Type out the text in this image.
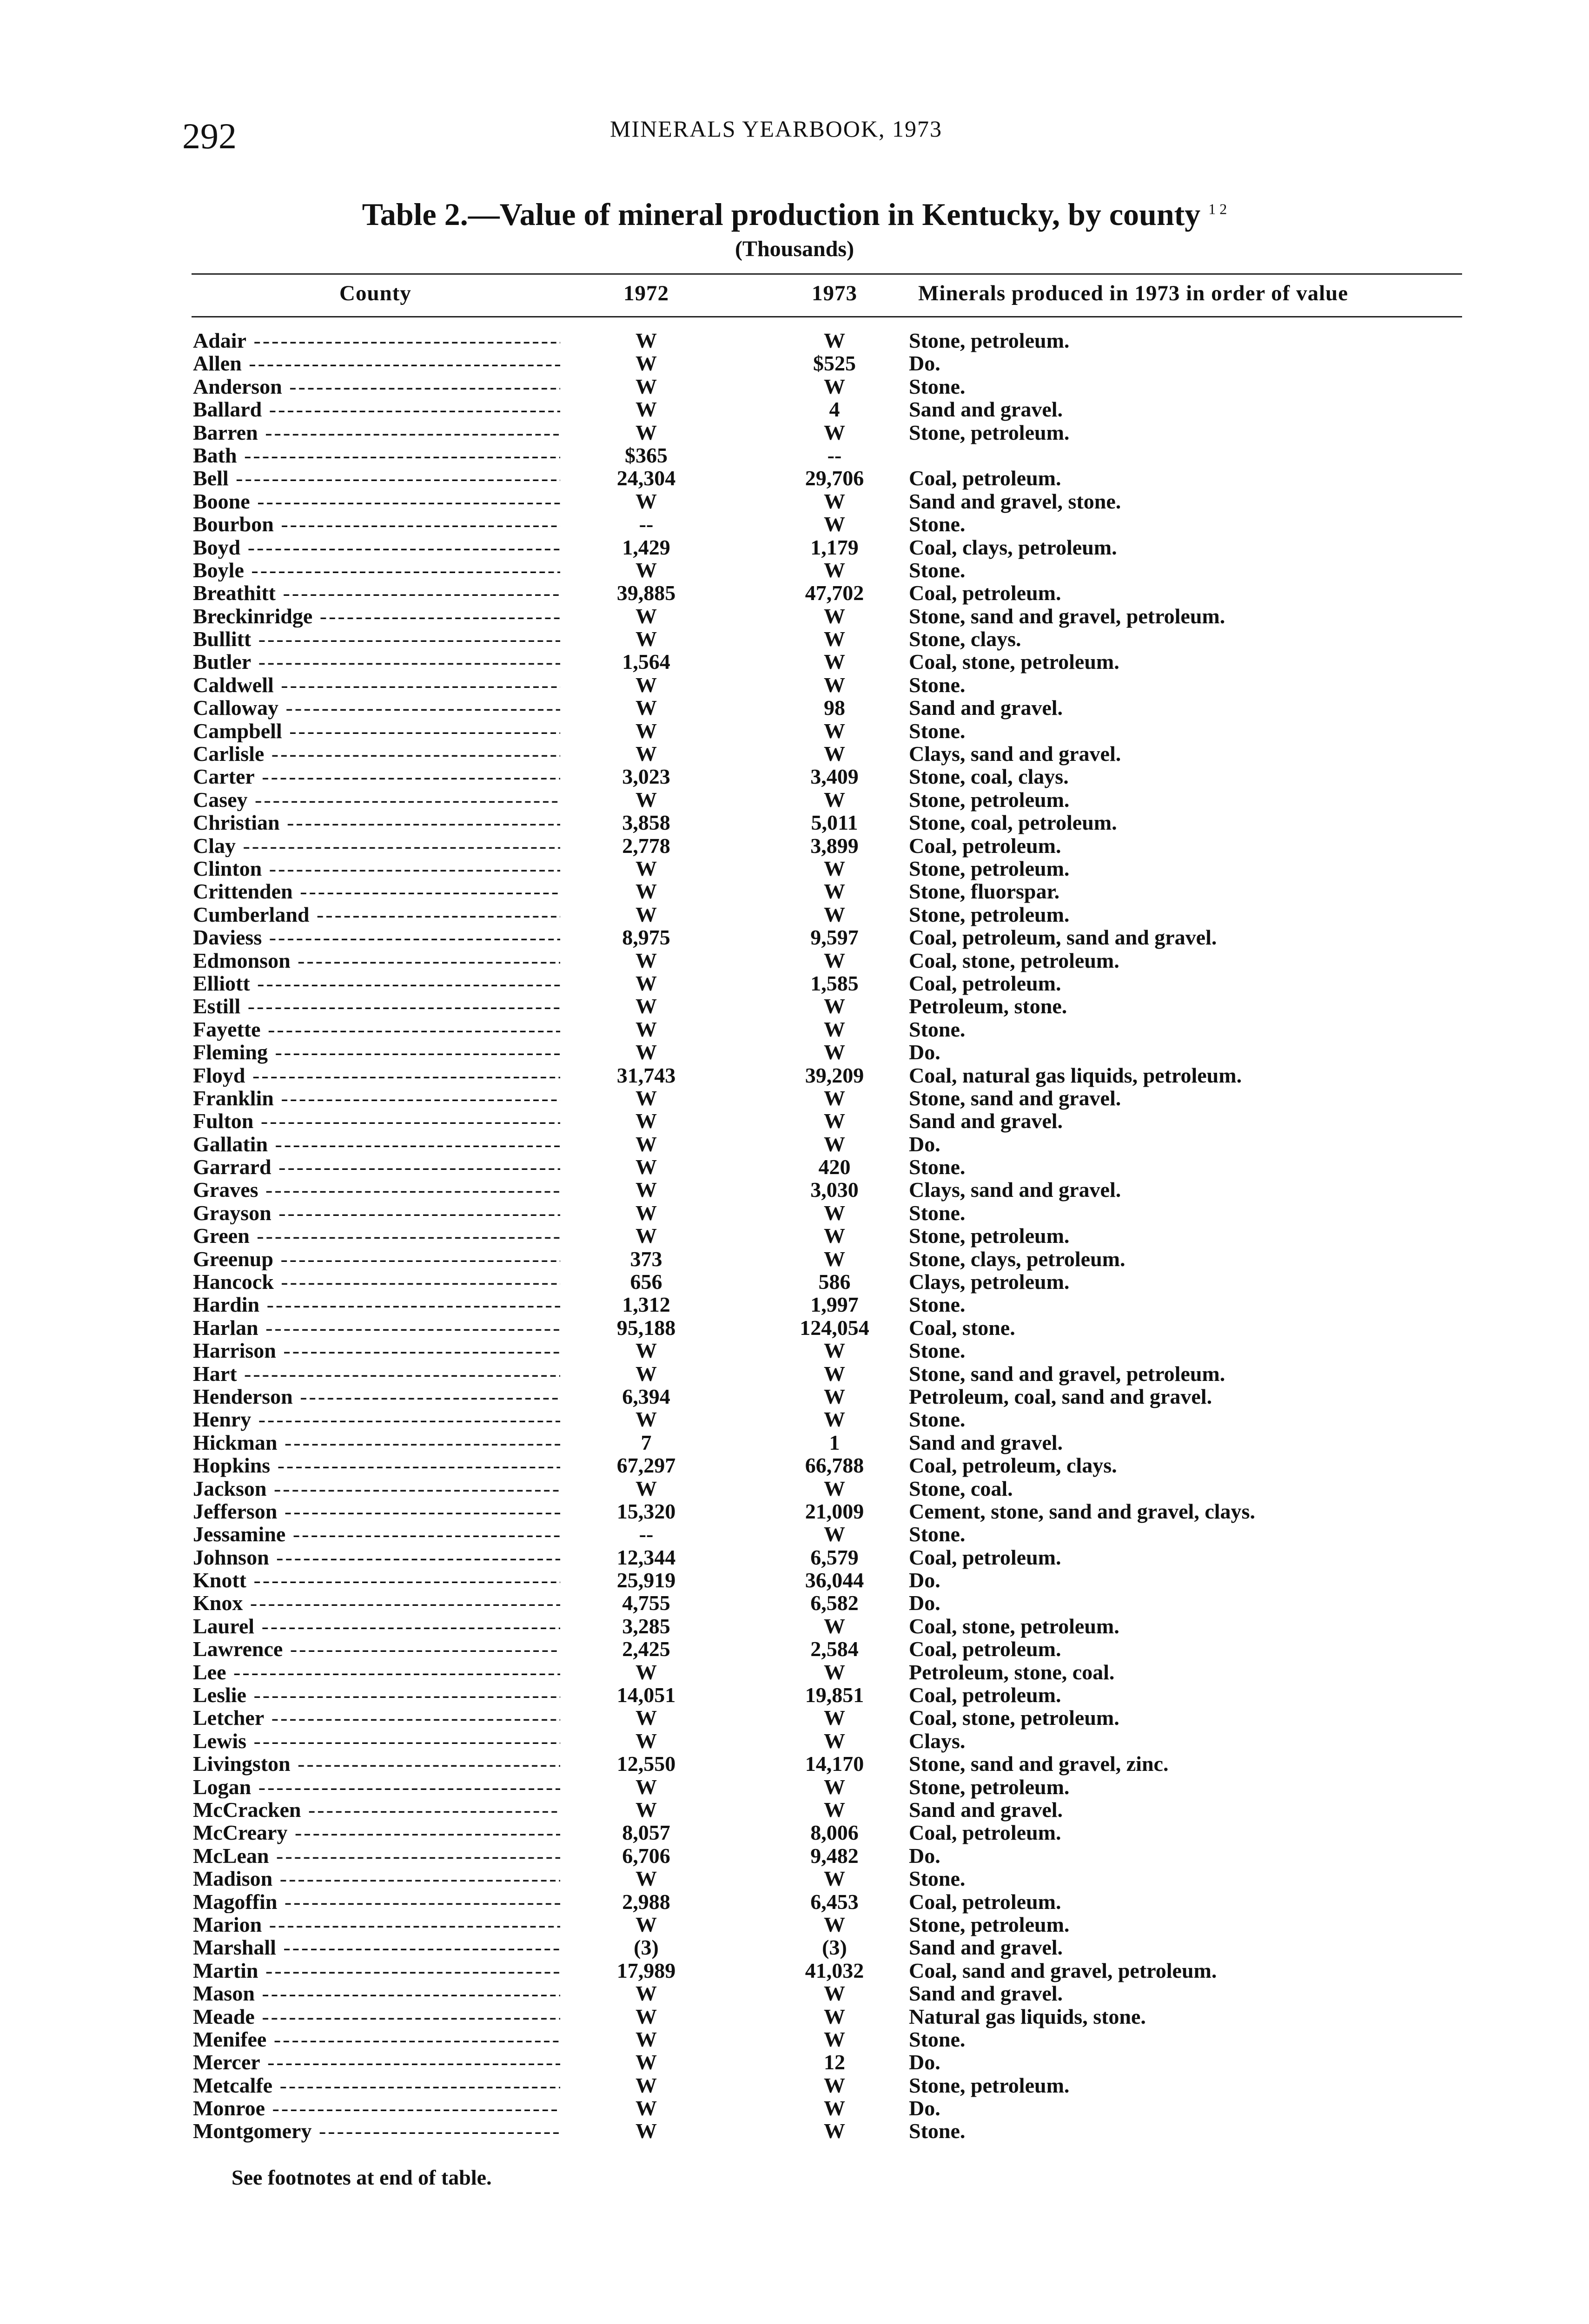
292	MINERALS YEARBOOK, 1973
Table 2.—Value of mineral production in Kentucky, by county $^{1 2}$
(Thousands)
County	1972	1973	Minerals produced in 1973 in order of value
Adair -----	W	W	Stone, petroleum.
Allen -----	W	$525	Do.
Anderson -----	W	W	Stone.
Ballard -----	W	4	Sand and gravel.
Barren -----	W	W	Stone, petroleum.
Bath -----	$365	--
Bell -----	24,304	29,706	Coal, petroleum.
Boone -----	W	W	Sand and gravel, stone.
Bourbon -----	--	W	Stone.
Boyd -----	1,429	1,179	Coal, clays, petroleum.
Boyle -----	W	W	Stone.
Breathitt -----	39,885	47,702	Coal, petroleum.
Breckinridge -----	W	W	Stone, sand and gravel, petroleum.
Bullitt -----	W	W	Stone, clays.
Butler -----	1,564	W	Coal, stone, petroleum.
Caldwell -----	W	W	Stone.
Calloway -----	W	98	Sand and gravel.
Campbell -----	W	W	Stone.
Carlisle -----	W	W	Clays, sand and gravel.
Carter -----	3,023	3,409	Stone, coal, clays.
Casey -----	W	W	Stone, petroleum.
Christian -----	3,858	5,011	Stone, coal, petroleum.
Clay -----	2,778	3,899	Coal, petroleum.
Clinton -----	W	W	Stone, petroleum.
Crittenden -----	W	W	Stone, fluorspar.
Cumberland -----	W	W	Stone, petroleum.
Daviess -----	8,975	9,597	Coal, petroleum, sand and gravel.
Edmonson -----	W	W	Coal, stone, petroleum.
Elliott -----	W	1,585	Coal, petroleum.
Estill -----	W	W	Petroleum, stone.
Fayette -----	W	W	Stone.
Fleming -----	W	W	Do.
Floyd -----	31,743	39,209	Coal, natural gas liquids, petroleum.
Franklin -----	W	W	Stone, sand and gravel.
Fulton -----	W	W	Sand and gravel.
Gallatin -----	W	W	Do.
Garrard -----	W	420	Stone.
Graves -----	W	3,030	Clays, sand and gravel.
Grayson -----	W	W	Stone.
Green -----	W	W	Stone, petroleum.
Greenup -----	373	W	Stone, clays, petroleum.
Hancock -----	656	586	Clays, petroleum.
Hardin -----	1,312	1,997	Stone.
Harlan -----	95,188	124,054	Coal, stone.
Harrison -----	W	W	Stone.
Hart -----	W	W	Stone, sand and gravel, petroleum.
Henderson -----	6,394	W	Petroleum, coal, sand and gravel.
Henry -----	W	W	Stone.
Hickman -----	7	1	Sand and gravel.
Hopkins -----	67,297	66,788	Coal, petroleum, clays.
Jackson -----	W	W	Stone, coal.
Jefferson -----	15,320	21,009	Cement, stone, sand and gravel, clays.
Jessamine -----	--	W	Stone.
Johnson -----	12,344	6,579	Coal, petroleum.
Knott -----	25,919	36,044	Do.
Knox -----	4,755	6,582	Do.
Laurel -----	3,285	W	Coal, stone, petroleum.
Lawrence -----	2,425	2,584	Coal, petroleum.
Lee -----	W	W	Petroleum, stone, coal.
Leslie -----	14,051	19,851	Coal, petroleum.
Letcher -----	W	W	Coal, stone, petroleum.
Lewis -----	W	W	Clays.
Livingston -----	12,550	14,170	Stone, sand and gravel, zinc.
Logan -----	W	W	Stone, petroleum.
McCracken -----	W	W	Sand and gravel.
McCreary -----	8,057	8,006	Coal, petroleum.
McLean -----	6,706	9,482	Do.
Madison -----	W	W	Stone.
Magoffin -----	2,988	6,453	Coal, petroleum.
Marion -----	W	W	Stone, petroleum.
Marshall -----	(3)	(3)	Sand and gravel.
Martin -----	17,989	41,032	Coal, sand and gravel, petroleum.
Mason -----	W	W	Sand and gravel.
Meade -----	W	W	Natural gas liquids, stone.
Menifee -----	W	W	Stone.
Mercer -----	W	12	Do.
Metcalfe -----	W	W	Stone, petroleum.
Monroe -----	W	W	Do.
Montgomery -----	W	W	Stone.
See footnotes at end of table.
